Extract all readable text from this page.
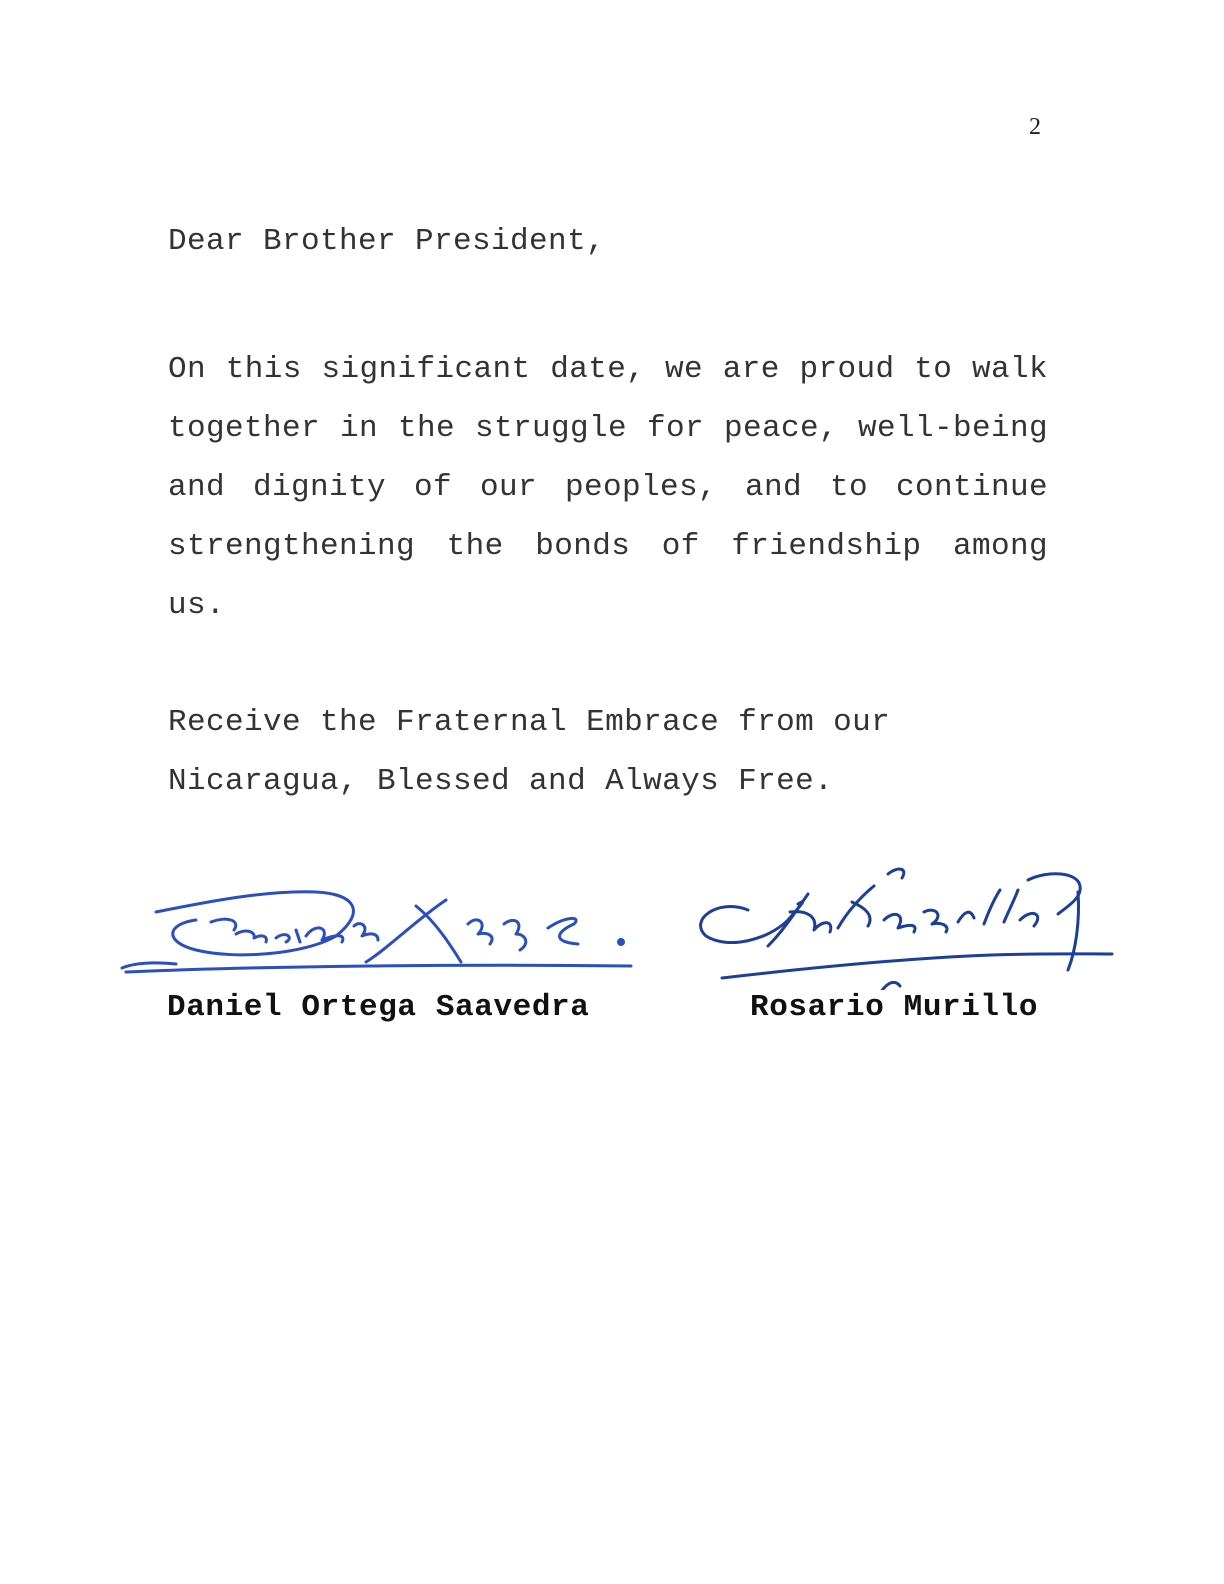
2

Dear Brother President,

On this significant date, we are proud to walk together in the struggle for peace, well-being and dignity of our peoples, and to continue strengthening the bonds of friendship among us.

Receive the Fraternal Embrace from our Nicaragua, Blessed and Always Free.

Daniel Ortega Saavedra	Rosario Murillo
